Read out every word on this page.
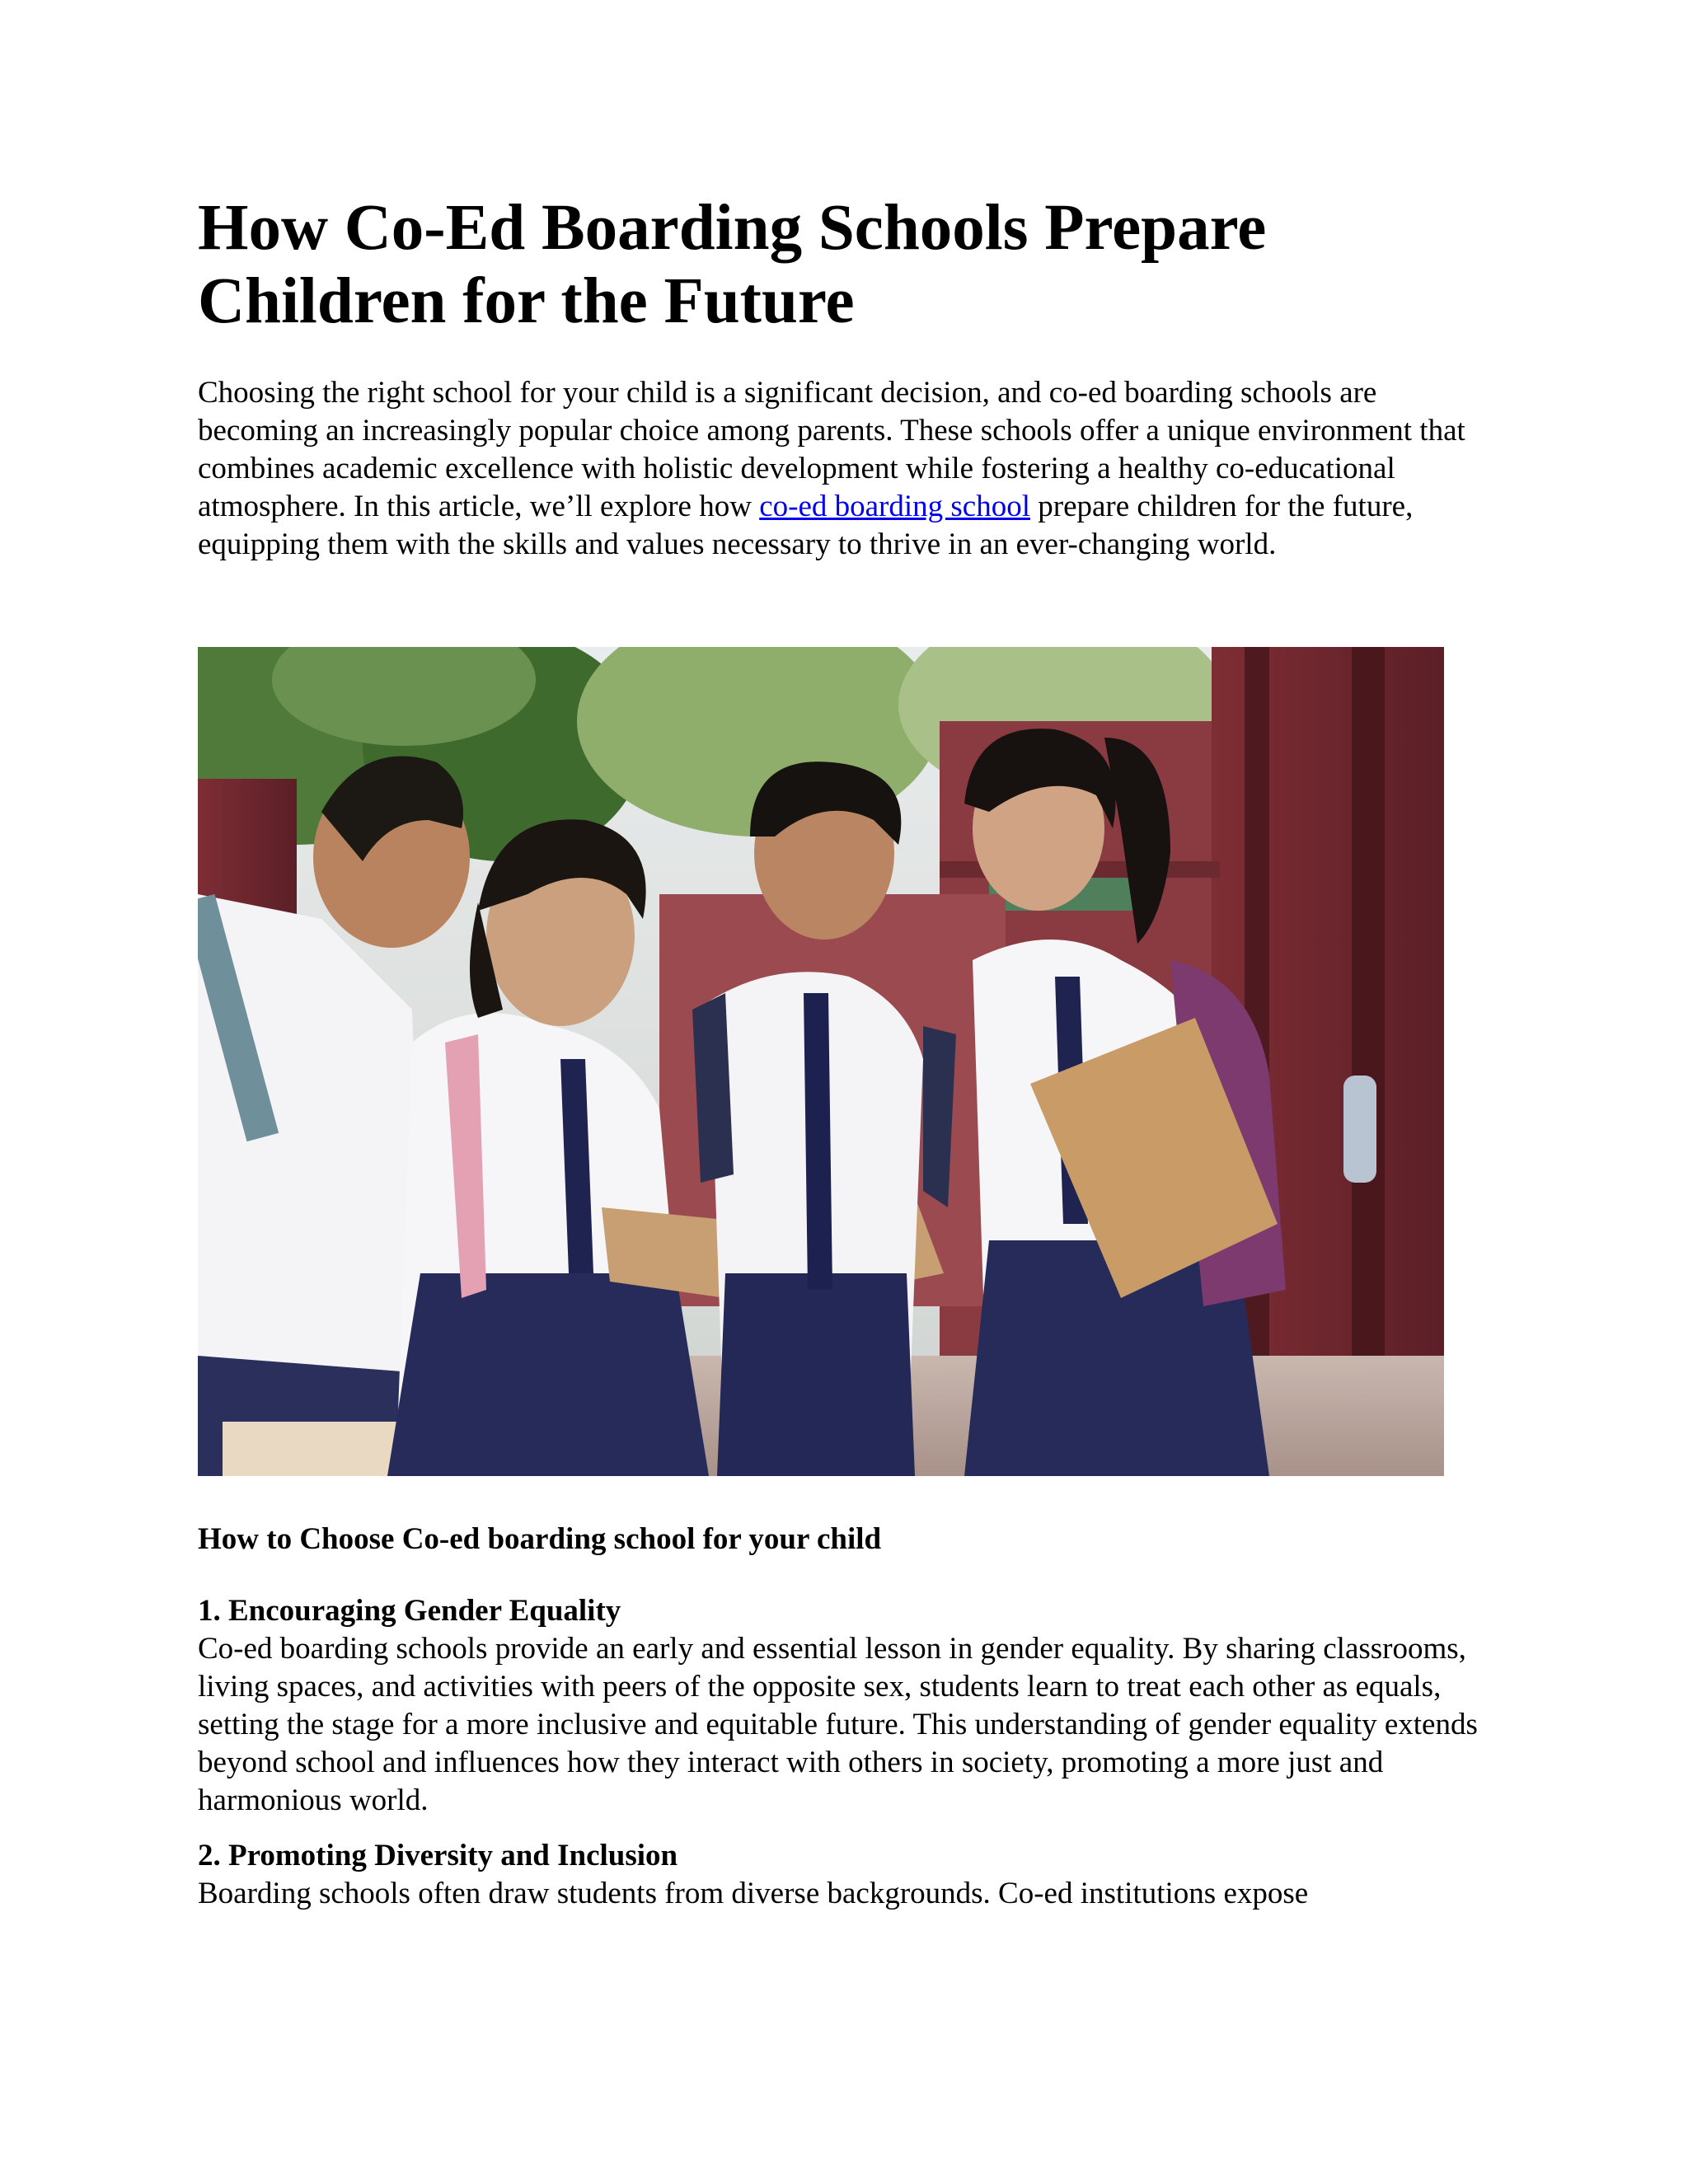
How Co-Ed Boarding Schools Prepare Children for the Future

Choosing the right school for your child is a significant decision, and co-ed boarding schools are becoming an increasingly popular choice among parents. These schools offer a unique environment that combines academic excellence with holistic development while fostering a healthy co-educational atmosphere. In this article, we’ll explore how co-ed boarding school prepare children for the future, equipping them with the skills and values necessary to thrive in an ever-changing world.

How to Choose Co-ed boarding school for your child
1. Encouraging Gender Equality
Co-ed boarding schools provide an early and essential lesson in gender equality. By sharing classrooms, living spaces, and activities with peers of the opposite sex, students learn to treat each other as equals, setting the stage for a more inclusive and equitable future. This understanding of gender equality extends beyond school and influences how they interact with others in society, promoting a more just and harmonious world.
2. Promoting Diversity and Inclusion
Boarding schools often draw students from diverse backgrounds. Co-ed institutions expose
